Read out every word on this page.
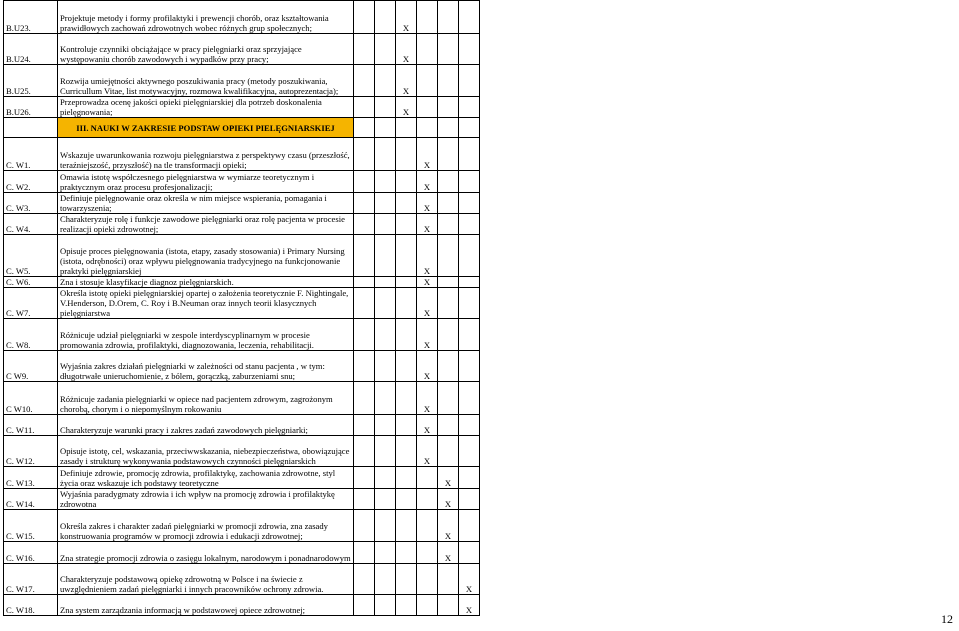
B.U23.	Projektuje metody i formy profilaktyki i prewencji chorób, oraz kształtowania prawidłowych zachowań zdrowotnych wobec różnych grup społecznych;			X			
B.U24.	Kontroluje czynniki obciążające w pracy pielęgniarki oraz sprzyjające występowaniu chorób zawodowych i wypadków przy pracy;			X			
B.U25.	Rozwija umiejętności aktywnego poszukiwania pracy (metody poszukiwania, Curricullum Vitae, list motywacyjny, rozmowa kwalifikacyjna, autoprezentacja);			X			
B.U26.	Przeprowadza ocenę jakości opieki pielęgniarskiej dla potrzeb doskonalenia pielęgnowania;			X			
	III. NAUKI W ZAKRESIE PODSTAW OPIEKI PIELĘGNIARSKIEJ						
C. W1.	Wskazuje uwarunkowania rozwoju pielęgniarstwa z perspektywy czasu (przeszłość, teraźniejszość, przyszłość) na tle transformacji opieki;				X		
C. W2.	Omawia istotę współczesnego pielęgniarstwa w wymiarze teoretycznym i praktycznym oraz procesu profesjonalizacji;				X		
C. W3.	Definiuje pielęgnowanie oraz określa w nim miejsce wspierania, pomagania i towarzyszenia;				X		
C. W4.	Charakteryzuje rolę i funkcje zawodowe pielęgniarki oraz rolę pacjenta w procesie realizacji opieki zdrowotnej;				X		
C. W5.	Opisuje proces pielęgnowania (istota, etapy, zasady stosowania) i Primary Nursing (istota, odrębności) oraz wpływu pielęgnowania tradycyjnego na funkcjonowanie praktyki pielęgniarskiej				X		
C. W6.	Zna i stosuje klasyfikacje diagnoz pielęgniarskich.				X		
C. W7.	Określa istotę opieki pielęgniarskiej opartej o założenia teoretycznie F. Nightingale, V.Henderson, D.Orem, C. Roy i B.Neuman oraz innych teorii klasycznych pielęgniarstwa				X		
C. W8.	Różnicuje udział pielęgniarki w zespole interdyscyplinarnym w procesie promowania zdrowia, profilaktyki, diagnozowania, leczenia, rehabilitacji.				X		
C W9.	Wyjaśnia zakres działań pielęgniarki w zależności od stanu pacjenta , w tym: długotrwałe unieruchomienie, z bólem, gorączką, zaburzeniami snu;				X		
C W10.	Różnicuje zadania pielęgniarki w opiece nad pacjentem zdrowym, zagrożonym chorobą, chorym i o niepomyślnym rokowaniu				X		
C. W11.	Charakteryzuje warunki pracy i zakres zadań zawodowych pielęgniarki;				X		
C. W12.	Opisuje istotę, cel, wskazania, przeciwwskazania, niebezpieczeństwa, obowiązujące zasady i strukturę wykonywania podstawowych czynności pielęgniarskich				X		
C. W13.	Definiuje zdrowie, promocję zdrowia, profilaktykę, zachowania zdrowotne, styl życia oraz wskazuje ich podstawy teoretyczne					X	
C. W14.	Wyjaśnia paradygmaty zdrowia i ich wpływ na promocję zdrowia i profilaktykę zdrowotna					X	
C. W15.	Określa zakres i charakter zadań pielęgniarki w promocji zdrowia, zna zasady konstruowania programów w promocji zdrowia i edukacji zdrowotnej;					X	
C. W16.	Zna strategie promocji zdrowia o zasięgu lokalnym, narodowym i ponadnarodowym					X	
C. W17.	Charakteryzuje podstawową opiekę zdrowotną w Polsce i na świecie z uwzględnieniem zadań pielęgniarki i innych pracowników ochrony zdrowia.						X
C. W18.	Zna system zarządzania informacją w podstawowej opiece zdrowotnej;						X
12
